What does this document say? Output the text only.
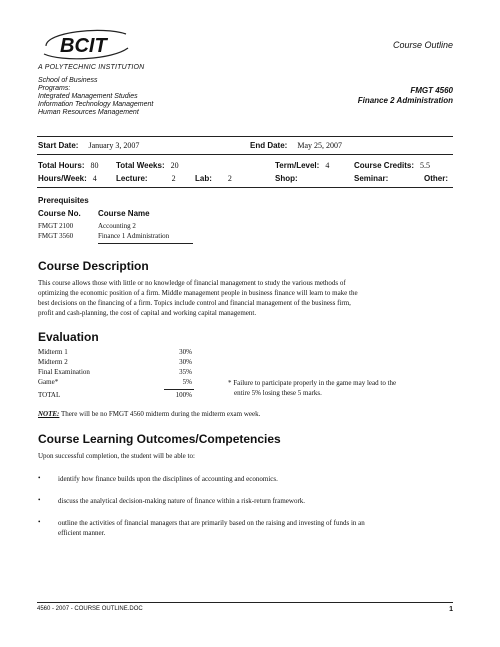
BCIT
A POLYTECHNIC INSTITUTION
Course Outline
School of Business
Programs:
Integrated Management Studies
Information Technology Management
Human Resources Management
FMGT 4560
Finance 2 Administration
Start Date: January 3, 2007	End Date: May 25, 2007
Total Hours: 80 Total Weeks: 20	Term/Level: 4	Course Credits: 5.5
Hours/Week: 4 Lecture:	2 Lab: 2	Shop:	Seminar:	Other:
Prerequisites
Course No. Course Name
FMGT 2100	Accounting 2
FMGT 3560	Finance 1 Administration
Course Description
This course allows those with little or no knowledge of financial management to study the various methods of
optimizing the economic position of a firm. Middle management people in business finance will learn to make the
best decisions on the financing of a firm. Topics include control and financial management of the business firm,
profit and cash-planning, the cost of capital and working capital management.
Evaluation
Midterm 1	30%
Midterm 2	30%
Final Examination	35%
Game*	5%
TOTAL	100%
* Failure to participate properly in the game may lead to the
entire 5% losing these 5 marks.
NOTE: There will be no FMGT 4560 midterm during the midterm exam week.
Course Learning Outcomes/Competencies
Upon successful completion, the student will be able to:
•	identify how finance builds upon the disciplines of accounting and economics.
•	discuss the analytical decision-making nature of finance within a risk-return framework.
•	outline the activities of financial managers that are primarily based on the raising and investing of funds in an
efficient manner.
4560 - 2007 - COURSE OUTLINE.DOC	1
